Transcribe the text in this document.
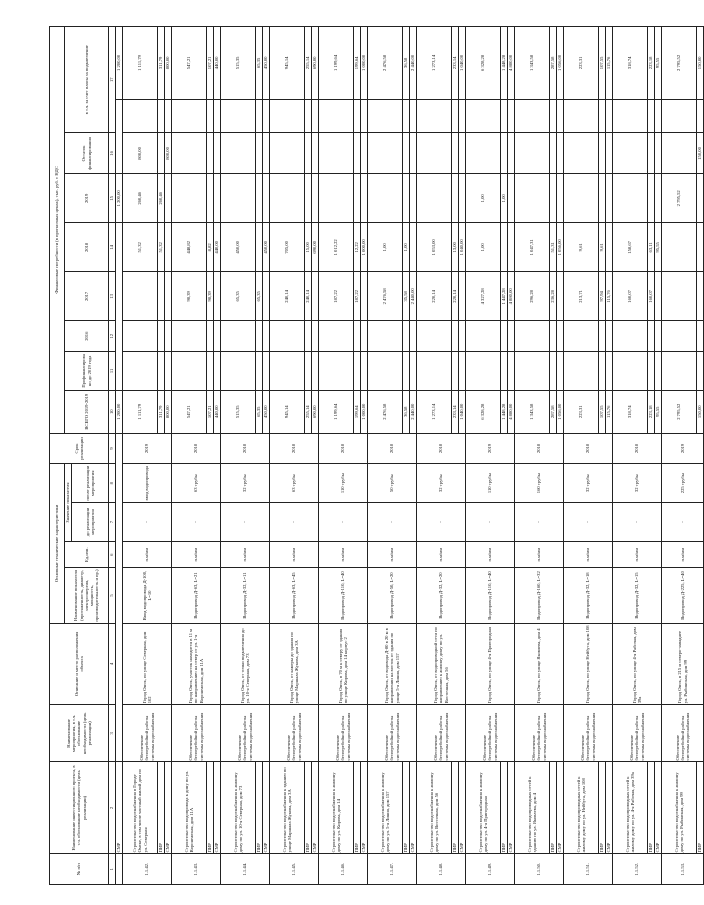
№ п/п	Наименование инвестиционного проекта, в т.ч. обоснование необходимости (цель реализации)	Наименование мероприятия, в т.ч. обоснование необходимости (цель реализации)	Описание и место расположения объекта	Основные технические характеристики				Срок реализации	Финансовые потребности (в прогнозных ценах), тыс. руб. с НДС								
				Наименование показателя (протяженность, диаметр, электроэнергия, мощность, производительность и пр.)	Ед.изм.	Значение показателя			ВСЕГО 2019-2019	Профинансировано до 2019 года	2016	2017	2018	2019	Остаток финансирования	в т.ч. за счет платы за подключение	
						до реализации мероприятия	после реализации мероприятия										
1	2	3	4	5	6	7	8	9	10	11	12	13	14	15	16	17	
	СМР								1 200,00					1 200,00			1 200,00
1.1.42.	Строительство водоснабжения в Городе Омске, в том числе частный жилой дом по ул. Северная	Обеспечение бесперебойной работы системы водоснабжения	Город Омск, по улице Северная, дом 102	Ввод водопровода Д-100, L=10	п.м/мм	-	ввод водопровода	2019	1 111,79				51,32	260,46	800,00		1 111,79
	ПИР								311,79				51,32	260,46			311,79
	СМР								800,00						800,00		800,00
1.1.43.	Строительство водопровода к дому по ул. Воронежская, дом 11А	Обеспечение бесперебойной работы системы водоснабжения	Город Омск, участок находится в 11 м по направлению на север от ул. 1-я Воронежская, дом 11А	Водопровод Д-63, L=21	п.м/мм	-	63 трубы	2018	547,21			98,39	448,82				547,21
	ПИР								107,21			98,39	8,82				107,21
	СМР								440,00				440,00				440,00
1.1.44.	Строительство водоснабжения к жилому дому по ул. 10-я Северная, дом 73	Обеспечение бесперебойной работы системы водоснабжения	Город Омск, от точки подключения до ул. 10-я Северная, дом 73	Водопровод Д-32, L=11	п.м/мм	-	32 трубы	2018	515,35			65,35	450,00				515,35
	ПИР								65,35			65,35					65,35
	СМР								450,00				450,00				450,00
1.1.45.	Строительство водоснабжения к зданию по улице Маршала Жукова, дом 3А	Обеспечение бесперебойной работы системы водоснабжения	Город Омск, от камеры до здания по улице Маршала Жукова, дом 3А	Водопровод Д-63, L=45	п.м/мм	-	63 трубы	2018	945,14			240,14	705,00				945,14
	ПИР								255,14			240,14	15,00				255,14
	СМР								690,00				690,00				690,00
1.1.46.	Строительство водоснабжения к жилому дому по ул. Кирова, дом 14	Обеспечение бесперебойной работы системы водоснабжения	Город Омск, в 70 м к северу от здания по улице Кирова, дом 14 корпус 2	Водопровод Д-110, L=40	п.м/мм	-	110 трубы	2018	1 199,64			187,22	1 012,22				1 199,64
	ПИР								199,64			187,22	12,22				199,64
	СМР								1 000,00				1 000,00				1 000,00
1.1.47.	Строительство водоснабжения к жилому дому по ул. 5-я Линия, дом 157	Обеспечение бесперебойной работы системы водоснабжения	Город Омск, от водовода Д-80 в 20 м в направлении на восток от здания по улице 5-я Линия, дом 157	Водопровод Д-50, L=20	п.м/мм	-	50 трубы	2018	2 476,58			2 476,58	1,00				2 476,58
	ПИР								36,58			35,58	1,00				36,58
	СМР								2 440,00			2 440,00					2 440,00
1.1.48.	Строительство водоснабжения к жилому дому по ул. Восточная, дом 56	Обеспечение бесперебойной работы системы водоснабжения	Город Омск, от водопроводной сети по направлению к жилому дому по ул. Восточная, дом 56	Водопровод Д-32, L=20	п.м/мм	-	32 трубы	2018	1 273,14			220,14	1 053,00				1 273,14
	ПИР								233,14			220,14	13,00				233,14
	СМР								1 040,00				1 040,00				1 040,00
1.1.49.	Строительство водоснабжения к жилому дому по ул. 4-я Пригородная	Обеспечение бесперебойной работы системы водоснабжения	Город Омск, по улице 4-я Пригородная	Водопровод Д-110, L=40	п.м/мм	-	110 трубы	2019	6 328,28			4 327,28	1,00	1,00			6 328,28
	ПИР								1 448,28			1 447,28		1,00			1 448,28
	СМР								4 880,00			4 880,00					4 880,00
1.1.50.	Строительство водопроводных сетей к зданию по ул. Яковлева, дом 4	Обеспечение бесперебойной работы системы водоснабжения	Город Омск, по улице Яковлева, дом 4	Водопровод Д-160, L=32	п.м/мм	-	160 трубы	2018	1 343,58			296,28	1 047,31				1 343,58
	ПИР								287,58			236,28	51,31				287,58
	СМР								1 056,00				1 056,00				1 056,00
1.1.51.	Строительство водопроводных сетей к жилому дому по ул. Нейбута, дом 108	Обеспечение бесперебойной работы системы водоснабжения	Город Омск, по улице Нейбута, дом 108	Водопровод Д-32, L=18	п.м/мм	-	32 трубы	2018	223,31			213,71	9,61				223,31
	ПИР								107,55			97,94	9,61				107,55
	СМР								115,76			115,76					115,76
1.1.52.	Строительство водопроводных сетей к жилому дому по ул. 4-я Рабочая, дом 39а	Обеспечение бесперебойной работы системы водоснабжения	Город Омск, по улице 4-я Рабочая, дом 39а	Водопровод Д-32, L=15	п.м/мм	-	32 трубы	2018	318,74			160,07	158,67				318,74
	ПИР								223,18			160,07	63,11				223,18
	СМР								95,55				95,55				95,55
1.1.53.	Строительство водоснабжения к жилому дому по ул. Рыбинская, дом 99	Обеспечение бесперебойной работы системы водоснабжения	Город Омск, в 215 м северо-западнее ул. Рыбинская, дом 99	Водопровод Д-225, L=40	п.м/мм	-	225 трубы	2019	2 795,52					2 795,52			2 795,52
	ПИР								150,00						150,00		150,00
